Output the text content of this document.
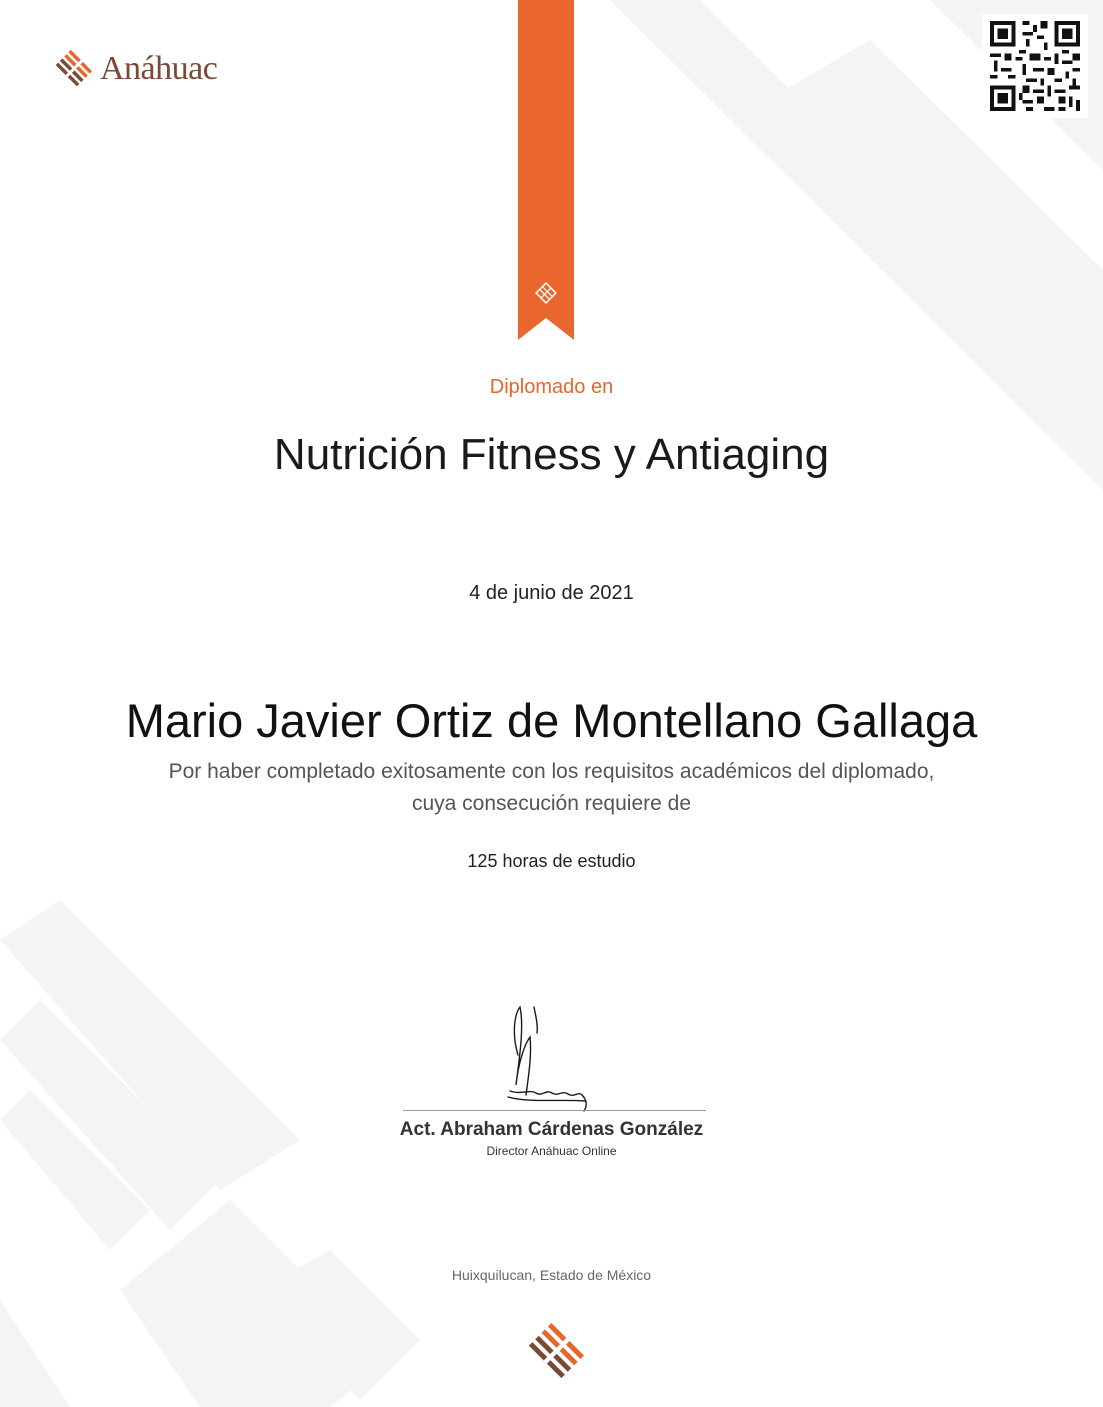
Anáhuac
Diplomado en
Nutrición Fitness y Antiaging
4 de junio de 2021
Mario Javier Ortiz de Montellano Gallaga
Por haber completado exitosamente con los requisitos académicos del diplomado,
cuya consecución requiere de
125 horas de estudio
Act. Abraham Cárdenas González
Director Anáhuac Online
Huixquilucan, Estado de México
